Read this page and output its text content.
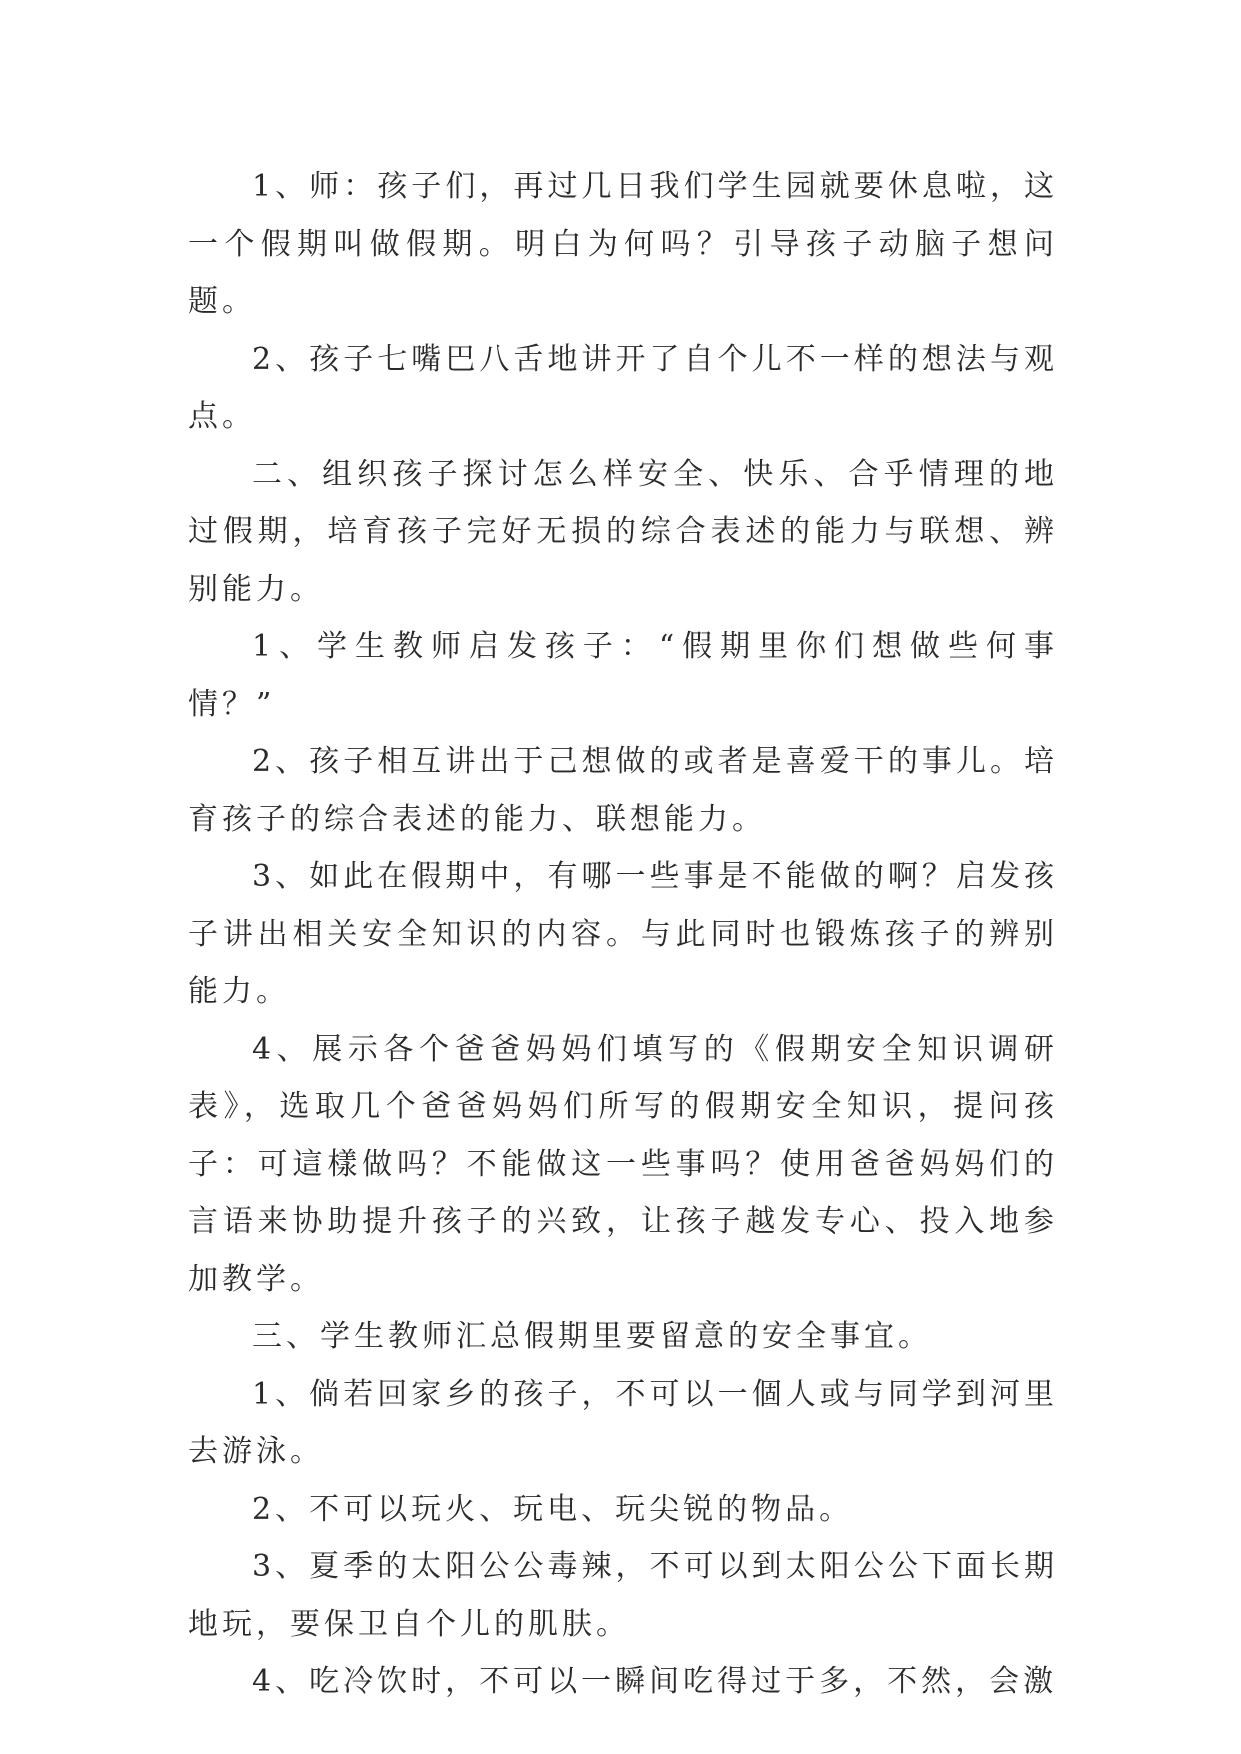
1、师：孩子们，再过几日我们学生园就要休息啦，这一个假期叫做假期。明白为何吗？引导孩子动脑子想问题。

2、孩子七嘴巴八舌地讲开了自个儿不一样的想法与观点。

二、组织孩子探讨怎么样安全、快乐、合乎情理的地过假期，培育孩子完好无损的综合表述的能力与联想、辨别能力。

1、学生教师启发孩子：“假期里你们想做些何事情？”

2、孩子相互讲出于己想做的或者是喜爱干的事儿。培育孩子的综合表述的能力、联想能力。

3、如此在假期中，有哪一些事是不能做的啊？启发孩子讲出相关安全知识的内容。与此同时也锻炼孩子的辨别能力。

4、展示各个爸爸妈妈们填写的《假期安全知识调研表》，选取几个爸爸妈妈们所写的假期安全知识，提问孩子：可這樣做吗？不能做这一些事吗？使用爸爸妈妈们的言语来协助提升孩子的兴致，让孩子越发专心、投入地参加教学。

三、学生教师汇总假期里要留意的安全事宜。

1、倘若回家乡的孩子，不可以一個人或与同学到河里去游泳。

2、不可以玩火、玩电、玩尖锐的物品。

3、夏季的太阳公公毒辣，不可以到太阳公公下面长期地玩，要保卫自个儿的肌肤。

4、吃冷饮时，不可以一瞬间吃得过于多，不然，会激
